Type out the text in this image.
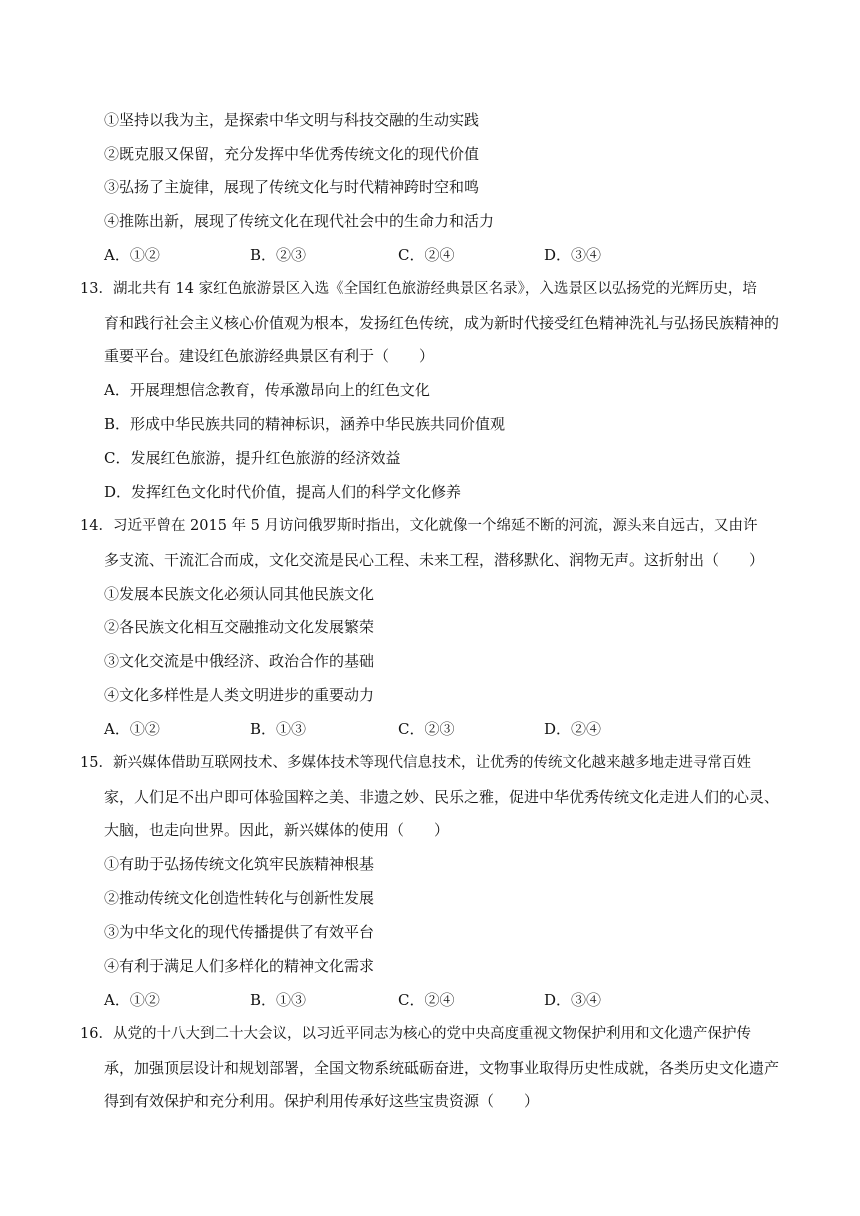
①坚持以我为主，是探索中华文明与科技交融的生动实践
②既克服又保留，充分发挥中华优秀传统文化的现代价值
③弘扬了主旋律，展现了传统文化与时代精神跨时空和鸣
④推陈出新，展现了传统文化在现代社会中的生命力和活力
A．①②	B．②③	C．②④	D．③④
13．湖北共有 14 家红色旅游景区入选《全国红色旅游经典景区名录》，入选景区以弘扬党的光辉历史，培
育和践行社会主义核心价值观为根本，发扬红色传统，成为新时代接受红色精神洗礼与弘扬民族精神的
重要平台。建设红色旅游经典景区有利于（　　）
A．开展理想信念教育，传承激昂向上的红色文化
B．形成中华民族共同的精神标识，涵养中华民族共同价值观
C．发展红色旅游，提升红色旅游的经济效益
D．发挥红色文化时代价值，提高人们的科学文化修养
14．习近平曾在 2015 年 5 月访问俄罗斯时指出，文化就像一个绵延不断的河流，源头来自远古，又由许
多支流、干流汇合而成，文化交流是民心工程、未来工程，潜移默化、润物无声。这折射出（　　）
①发展本民族文化必须认同其他民族文化
②各民族文化相互交融推动文化发展繁荣
③文化交流是中俄经济、政治合作的基础
④文化多样性是人类文明进步的重要动力
A．①②	B．①③	C．②③	D．②④
15．新兴媒体借助互联网技术、多媒体技术等现代信息技术，让优秀的传统文化越来越多地走进寻常百姓
家，人们足不出户即可体验国粹之美、非遗之妙、民乐之雅，促进中华优秀传统文化走进人们的心灵、
大脑，也走向世界。因此，新兴媒体的使用（　　）
①有助于弘扬传统文化筑牢民族精神根基
②推动传统文化创造性转化与创新性发展
③为中华文化的现代传播提供了有效平台
④有利于满足人们多样化的精神文化需求
A．①②	B．①③	C．②④	D．③④
16．从党的十八大到二十大会议，以习近平同志为核心的党中央高度重视文物保护利用和文化遗产保护传
承，加强顶层设计和规划部署，全国文物系统砥砺奋进，文物事业取得历史性成就，各类历史文化遗产
得到有效保护和充分利用。保护利用传承好这些宝贵资源（　　）
